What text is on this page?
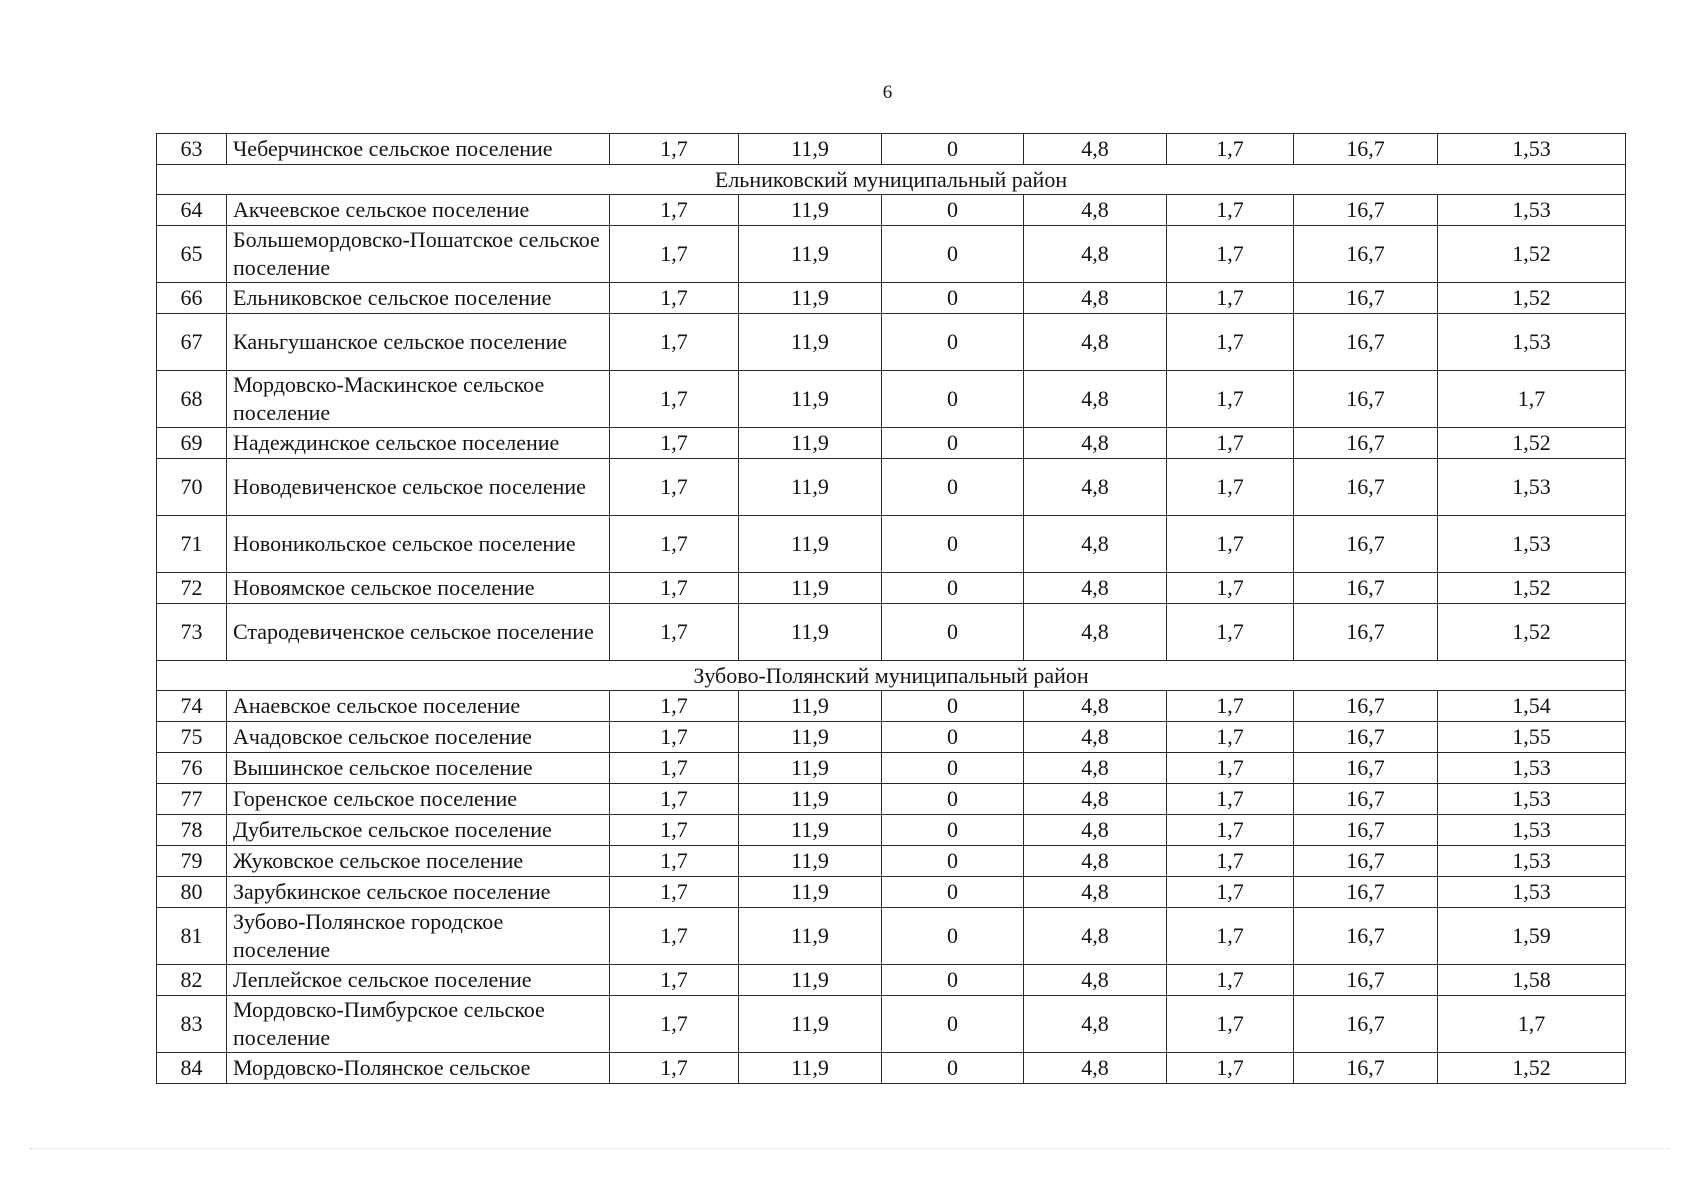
6
63	Чеберчинское сельское поселение	1,7	11,9	0	4,8	1,7	16,7	1,53
Ельниковский муниципальный район								
64	Акчеевское сельское поселение	1,7	11,9	0	4,8	1,7	16,7	1,53
65	Большемордовско-Пошатское сельское поселение	1,7	11,9	0	4,8	1,7	16,7	1,52
66	Ельниковское сельское поселение	1,7	11,9	0	4,8	1,7	16,7	1,52
67	Каньгушанское сельское поселение	1,7	11,9	0	4,8	1,7	16,7	1,53
68	Мордовско-Маскинское сельское поселение	1,7	11,9	0	4,8	1,7	16,7	1,7
69	Надеждинское сельское поселение	1,7	11,9	0	4,8	1,7	16,7	1,52
70	Новодевиченское сельское поселение	1,7	11,9	0	4,8	1,7	16,7	1,53
71	Новоникольское сельское поселение	1,7	11,9	0	4,8	1,7	16,7	1,53
72	Новоямское сельское поселение	1,7	11,9	0	4,8	1,7	16,7	1,52
73	Стародевиченское сельское поселение	1,7	11,9	0	4,8	1,7	16,7	1,52
Зубово-Полянский муниципальный район								
74	Анаевское сельское поселение	1,7	11,9	0	4,8	1,7	16,7	1,54
75	Ачадовское сельское поселение	1,7	11,9	0	4,8	1,7	16,7	1,55
76	Вышинское сельское поселение	1,7	11,9	0	4,8	1,7	16,7	1,53
77	Горенское сельское поселение	1,7	11,9	0	4,8	1,7	16,7	1,53
78	Дубительское сельское поселение	1,7	11,9	0	4,8	1,7	16,7	1,53
79	Жуковское сельское поселение	1,7	11,9	0	4,8	1,7	16,7	1,53
80	Зарубкинское сельское поселение	1,7	11,9	0	4,8	1,7	16,7	1,53
81	Зубово-Полянское городское поселение	1,7	11,9	0	4,8	1,7	16,7	1,59
82	Леплейское сельское поселение	1,7	11,9	0	4,8	1,7	16,7	1,58
83	Мордовско-Пимбурское сельское поселение	1,7	11,9	0	4,8	1,7	16,7	1,7
84	Мордовско-Полянское сельское	1,7	11,9	0	4,8	1,7	16,7	1,52
